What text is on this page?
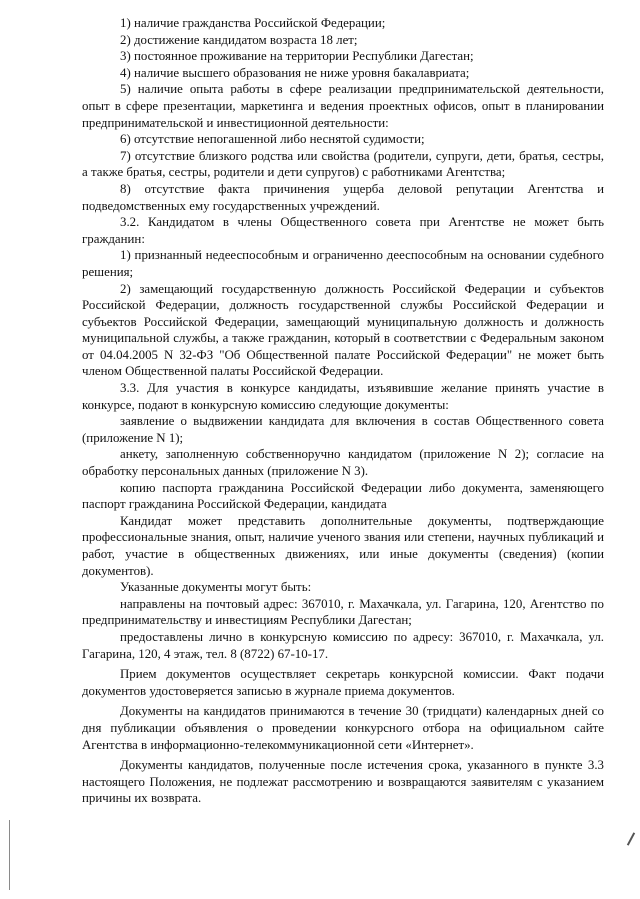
1) наличие гражданства Российской Федерации;

2) достижение кандидатом возраста 18 лет;

3) постоянное проживание на территории Республики Дагестан;

4) наличие высшего образования не ниже уровня бакалавриата;

5) наличие опыта работы в сфере реализации предпринимательской деятельности, опыт в сфере презентации, маркетинга и ведения проектных офисов, опыт в планировании предпринимательской и инвестиционной деятельности:

6) отсутствие непогашенной либо неснятой судимости;

7) отсутствие близкого родства или свойства (родители, супруги, дети, братья, сестры, а также братья, сестры, родители и дети супругов) с работниками Агентства;

8) отсутствие факта причинения ущерба деловой репутации Агентства и подведомственных ему государственных учреждений.

3.2. Кандидатом в члены Общественного совета при Агентстве не может быть гражданин:

1) признанный недееспособным и ограниченно дееспособным на основании судебного решения;

2) замещающий государственную должность Российской Федерации и субъектов Российской Федерации, должность государственной службы Российской Федерации и субъектов Российской Федерации, замещающий муниципальную должность и должность муниципальной службы, а также гражданин, который в соответствии с Федеральным законом от 04.04.2005 N 32-ФЗ "Об Общественной палате Российской Федерации" не может быть членом Общественной палаты Российской Федерации.

3.3. Для участия в конкурсе кандидаты, изъявившие желание принять участие в конкурсе, подают в конкурсную комиссию следующие документы:

заявление о выдвижении кандидата для включения в состав Общественного совета (приложение N 1);

анкету, заполненную собственноручно кандидатом (приложение N 2); согласие на обработку персональных данных (приложение N 3).

копию паспорта гражданина Российской Федерации либо документа, заменяющего паспорт гражданина Российской Федерации, кандидата

Кандидат может представить дополнительные документы, подтверждающие профессиональные знания, опыт, наличие ученого звания или степени, научных публикаций и работ, участие в общественных движениях, или иные документы (сведения) (копии документов).

Указанные документы могут быть:

направлены на почтовый адрес: 367010, г. Махачкала, ул. Гагарина, 120, Агентство по предпринимательству и инвестициям Республики Дагестан;

предоставлены лично в конкурсную комиссию по адресу: 367010, г. Махачкала, ул. Гагарина, 120, 4 этаж, тел. 8 (8722) 67-10-17.

Прием документов осуществляет секретарь конкурсной комиссии. Факт подачи документов удостоверяется записью в журнале приема документов.

Документы на кандидатов принимаются в течение 30 (тридцати) календарных дней со дня публикации объявления о проведении конкурсного отбора на официальном сайте Агентства в информационно-телекоммуникационной сети «Интернет».

Документы кандидатов, полученные после истечения срока, указанного в пункте 3.3 настоящего Положения, не подлежат рассмотрению и возвращаются заявителям с указанием причины их возврата.
